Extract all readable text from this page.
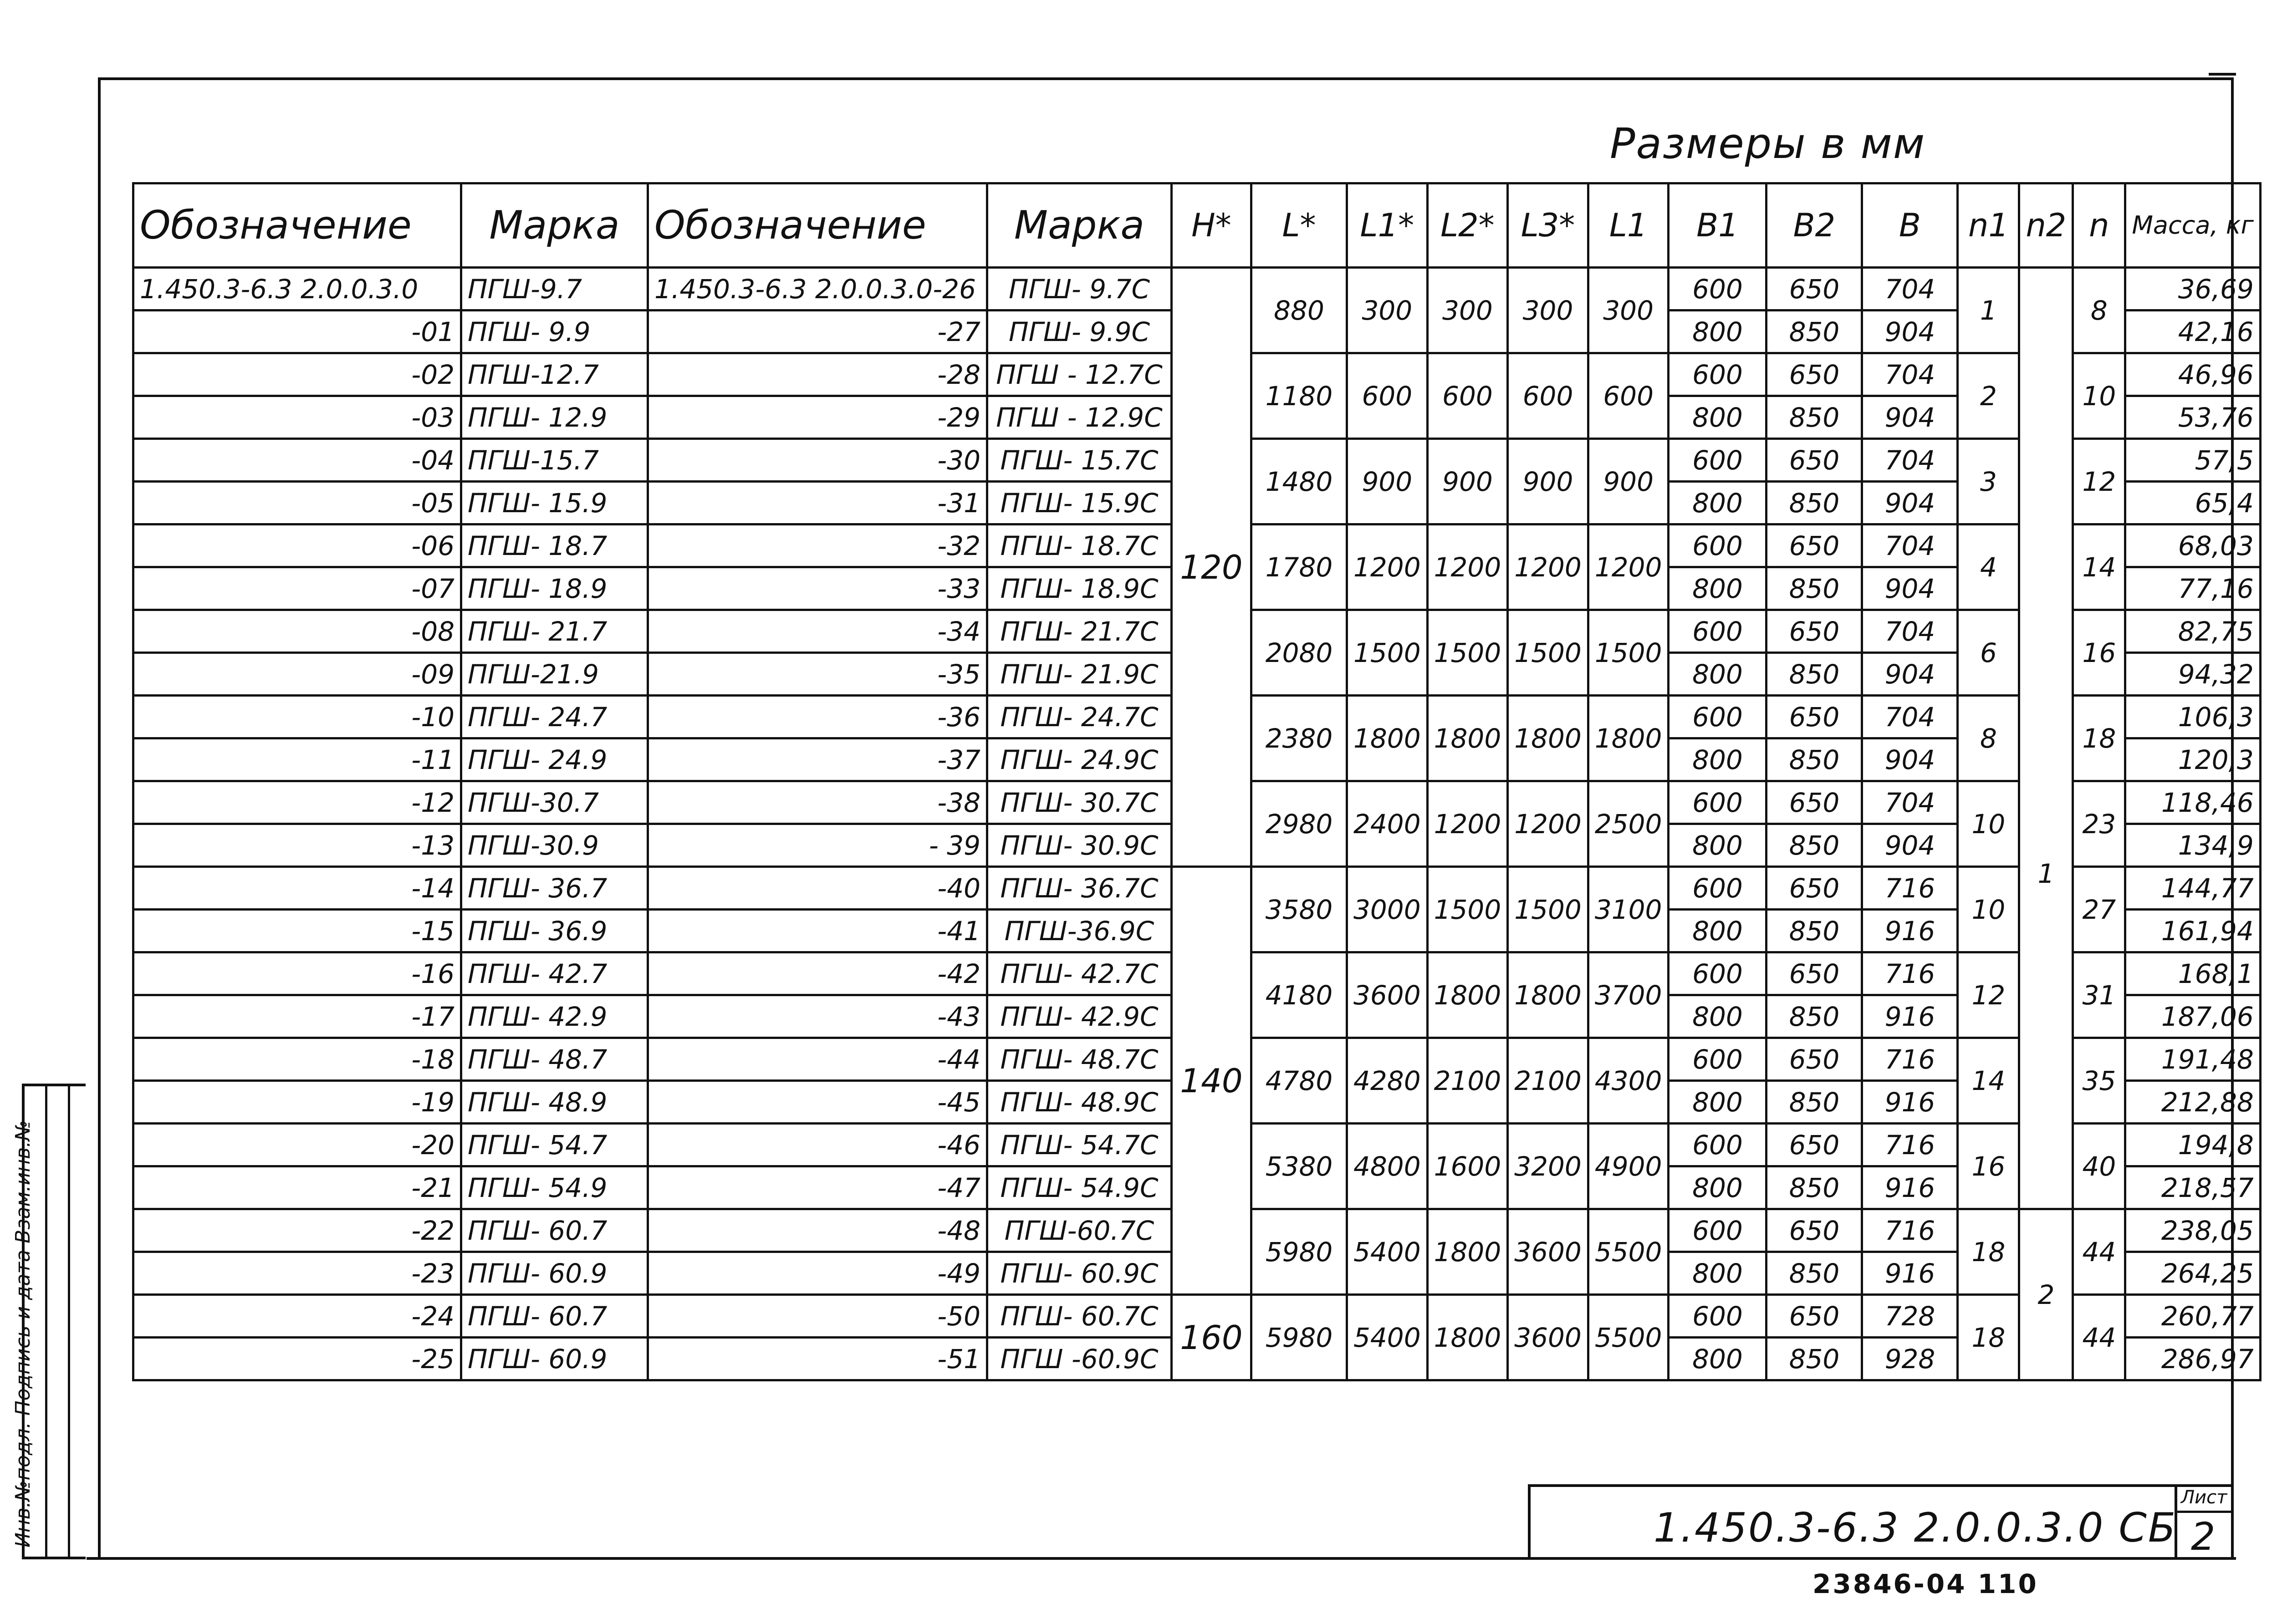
Размеры в мм
Обозначение	Марка	Обозначение	Марка	H*	L*	L1*	L2*	L3*	L1	B1	B2	B	n1	n2	n	Масса, кг
1.450.3-6.3 2.0.0.3.0	ПГШ-9.7	1.450.3-6.3 2.0.0.3.0-26	ПГШ- 9.7С	120	880	300	300	300	300	600	650	704	1	1	8	36,69
-01	ПГШ- 9.9	-27	ПГШ- 9.9С							800	850	904				42,16
-02	ПГШ-12.7	-28	ПГШ - 12.7С		1180	600	600	600	600	600	650	704	2		10	46,96
-03	ПГШ- 12.9	-29	ПГШ - 12.9С							800	850	904				53,76
-04	ПГШ-15.7	-30	ПГШ- 15.7С		1480	900	900	900	900	600	650	704	3		12	57,5
-05	ПГШ- 15.9	-31	ПГШ- 15.9С							800	850	904				65,4
-06	ПГШ- 18.7	-32	ПГШ- 18.7С		1780	1200	1200	1200	1200	600	650	704	4		14	68,03
-07	ПГШ- 18.9	-33	ПГШ- 18.9С							800	850	904				77,16
-08	ПГШ- 21.7	-34	ПГШ- 21.7С		2080	1500	1500	1500	1500	600	650	704	6		16	82,75
-09	ПГШ-21.9	-35	ПГШ- 21.9С							800	850	904				94,32
-10	ПГШ- 24.7	-36	ПГШ- 24.7С		2380	1800	1800	1800	1800	600	650	704	8		18	106,3
-11	ПГШ- 24.9	-37	ПГШ- 24.9С							800	850	904				120,3
-12	ПГШ-30.7	-38	ПГШ- 30.7С		2980	2400	1200	1200	2500	600	650	704	10		23	118,46
-13	ПГШ-30.9	- 39	ПГШ- 30.9С							800	850	904				134,9
-14	ПГШ- 36.7	-40	ПГШ- 36.7С	140	3580	3000	1500	1500	3100	600	650	716	10		27	144,77
-15	ПГШ- 36.9	-41	ПГШ-36.9С							800	850	916				161,94
-16	ПГШ- 42.7	-42	ПГШ- 42.7С		4180	3600	1800	1800	3700	600	650	716	12		31	168,1
-17	ПГШ- 42.9	-43	ПГШ- 42.9С							800	850	916				187,06
-18	ПГШ- 48.7	-44	ПГШ- 48.7С		4780	4280	2100	2100	4300	600	650	716	14		35	191,48
-19	ПГШ- 48.9	-45	ПГШ- 48.9С							800	850	916				212,88
-20	ПГШ- 54.7	-46	ПГШ- 54.7С		5380	4800	1600	3200	4900	600	650	716	16		40	194,8
-21	ПГШ- 54.9	-47	ПГШ- 54.9С							800	850	916				218,57
-22	ПГШ- 60.7	-48	ПГШ-60.7С		5980	5400	1800	3600	5500	600	650	716	18	2	44	238,05
-23	ПГШ- 60.9	-49	ПГШ- 60.9С							800	850	916				264,25
-24	ПГШ- 60.7	-50	ПГШ- 60.7С	160	5980	5400	1800	3600	5500	600	650	728	18		44	260,77
-25	ПГШ- 60.9	-51	ПГШ -60.9С							800	850	928				286,97
Инв.№подл. Подпись и дата Взам.инв.№	1.450.3-6.3 2.0.0.3.0 СБ
Лист
2
23846-04 110
